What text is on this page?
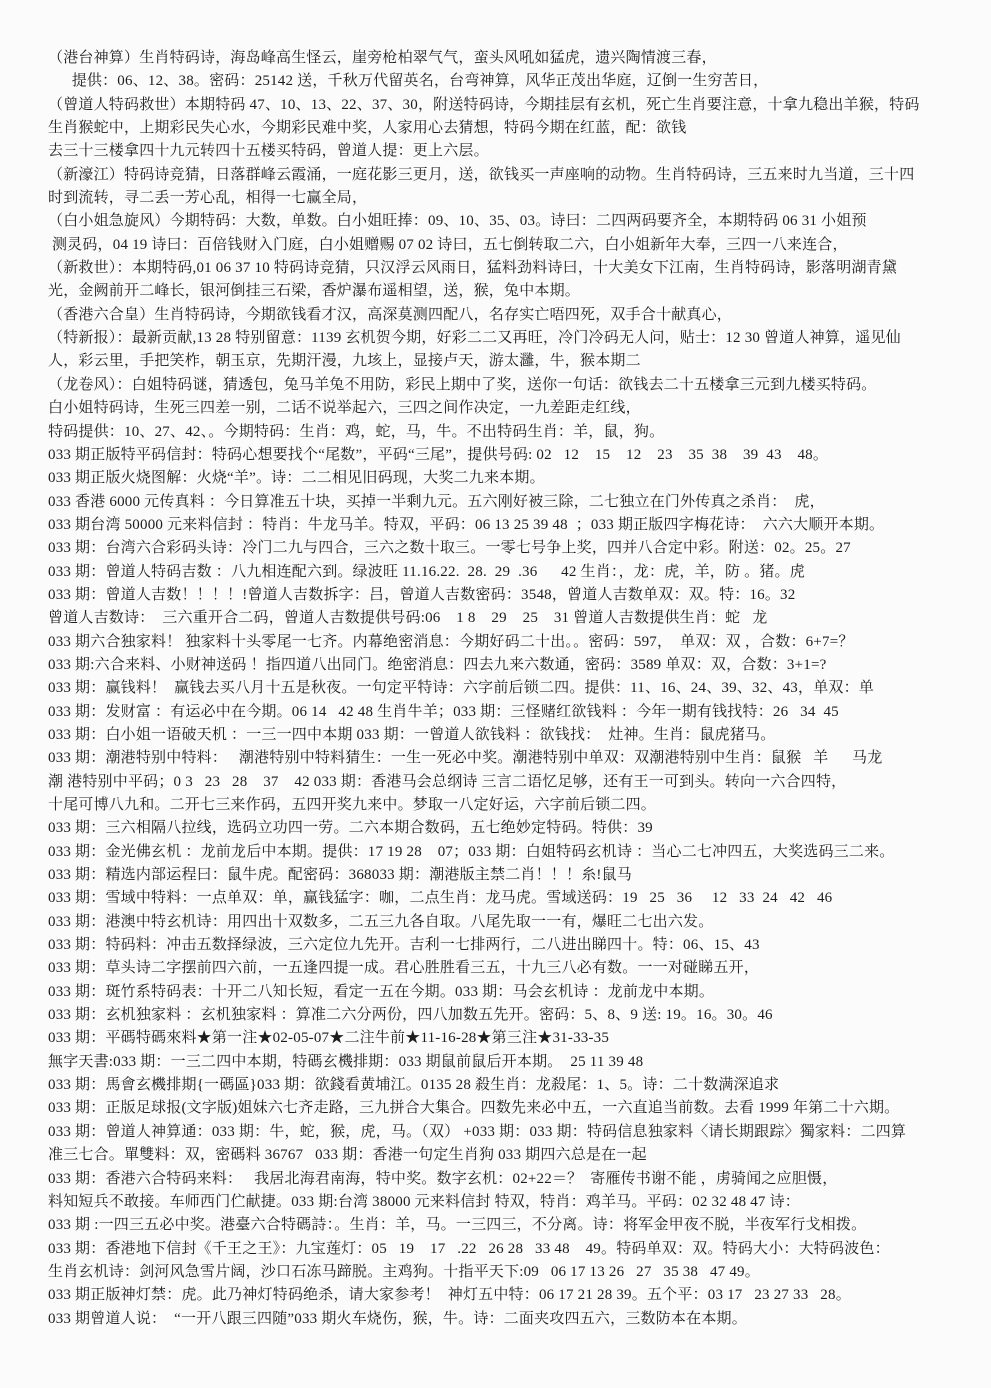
（港台神算）生肖特码诗，海岛峰高生怪云，崖旁枪柏翠气气，蛮头风吼如猛虎，遗兴陶情渡三春，
提供：06、12、38。密码：25142 送，千秋万代留英名，台弯神算，风华正茂出华庭，辽倒一生穷苦日，
（曾道人特码救世）本期特码 47、10、13、22、37、30，附送特码诗，今期挂层有玄机，死亡生肖要注意，十拿九稳出羊猴，特码
生肖猴蛇中，上期彩民失心水，今期彩民难中奖，人家用心去猜想，特码今期在红蓝，配：欲钱
去三十三楼拿四十九元转四十五楼买特码，曾道人提：更上六层。
（新濠江）特码诗竞猜，日落群峰云霞涌，一庭花影三更月，送，欲钱买一声座响的动物。生肖特码诗，三五来时九当道，三十四
时到流转，寻二丢一芳心乱，相得一七赢全局，
（白小姐急旋风）今期特码：大数，单数。白小姐旺捧：09、10、35、03。诗曰：二四两码要齐全，本期特码 06 31 小姐预
测灵码，04 19 诗曰：百倍钱财入门庭，白小姐赠赐 07 02 诗曰，五七倒转取二六，白小姐新年大奉，三四一八来连合，
（新救世）：本期特码,01 06 37 10 特码诗竞猜，只汉浮云风雨日，猛料劲料诗曰，十大美女下江南，生肖特码诗，影落明湖青黛
光，金阙前开二峰长，银河倒挂三石梁，香炉瀑布遥相望，送，猴，兔中本期。
（香港六合皇）生肖特码诗，今期欲钱看才汉，高深莫测四配八，名存实亡唔四死，双手合十献真心，
（特新报）：最新贡献,13 28 特别留意：1139 玄机贺今期，好彩二二又再旺，冷门冷码无人问，贴士：12 30 曾道人神算，遥见仙
人，彩云里，手把笑柞，朝玉京，先期汗漫，九垓上，显接卢天，游太灉，牛，猴本期二
（龙卷风）：白姐特码谜，猜透包，兔马羊兔不用防，彩民上期中了奖，送你一句话：欲钱去二十五楼拿三元到九楼买特码。
白小姐特码诗，生死三四差一别，二话不说举起六，三四之间作决定，一九差距走红线，
特码提供：10、27、42、。今期特码：生肖：鸡，蛇，马，牛。不出特码生肖：羊，鼠，狗。
033 期正版特平码信封：特码心想要找个“尾数”，平码“三尾”，提供号码: 02   12    15    12    23    35  38    39  43    48。
033 期正版火烧图解：火烧“羊”。诗：二二相见旧码现，大奖二九来本期。
033 香港 6000 元传真料 ：今日算准五十块，买掉一半剩九元。五六刚好被三除，二七独立在门外传真之杀肖：  虎，
033 期台湾 50000 元来料信封 ：特肖：牛龙马羊。特双，平码：06 13 25 39 48  ；033 期正版四字梅花诗：  六六大顺开本期。
033 期：台湾六合彩码头诗：冷门二九与四合，三六之数十取三。一零七号争上奖，四并八合定中彩。附送：02。25。27
033 期：曾道人特码吉数 ：八九相连配六到。绿波旺 11.16.22.  28.  29  .36      42 生肖：，龙：虎，羊，防 。猪。虎
033 期：曾道人吉数！！！！!曾道人吉数拆字：吕，曾道人吉数密码：3548，曾道人吉数单双：双。特：16。32
曾道人吉数诗：  三六重开合二码，曾道人吉数提供号码:06    1 8    29    25    31 曾道人吉数提供生肖：蛇   龙
033 期六合独家料！ 独家料十头零尾一七齐。内幕绝密消息：今期好码二十出。。密码：597，  单双：双 ，合数：6+7=？
033 期:六合来料、小财神送码 ！指四道八出同门。绝密消息：四去九来六数通，密码：3589 单双：双，合数：3+1=?
033 期：赢钱料！  赢钱去买八月十五是秋夜。一句定平特诗：六字前后锁二四。提供：11、16、24、39、32、43，单双：单
033 期：发财富 ：有运必中在今期。06 14   42 48 生肖牛羊；033 期：三怪赌红欲钱料 ：今年一期有钱找特：26   34  45
033 期：白小姐一语破天机 ：一三一四中本期 033 期：一曾道人欲钱料 ：欲钱找：  灶神。生肖：鼠虎猪马。
033 期：潮港特别中特料：   潮港特别中特料猜生：一生一死必中奖。潮港特别中单双：双潮港特别中生肖：鼠猴   羊      马龙
潮 港特别中平码；0 3   23   28    37    42 033 期：香港马会总纲诗 三言二语忆足够，还有王一可到头。转向一六合四特，
十尾可博八九和。二开七三来作码，五四开奖九来中。梦取一八定好运，六字前后锁二四。
033 期：三六相隔八拉线，选码立功四一劳。二六本期合数码，五七绝妙定特码。特供：39
033 期：金光佛玄机 ：龙前龙后中本期。提供：17 19 28    07；033 期：白姐特码玄机诗 ：当心二七冲四五，大奖选码三二来。
033 期：精选内部运程曰：鼠牛虎。配密码：368033 期：潮港版主禁二肖！！！糸!鼠马
033 期：雪域中特料：一点单双：单，赢钱猛字：咖，二点生肖：龙马虎。雪域送码：19   25   36     12   33  24   42   46
033 期：港澳中特玄机诗：用四出十双数多，二五三九各自取。八尾先取一一有，爆旺二七出六发。
033 期：特码料：冲击五数择绿波，三六定位九先开。吉利一七排两行，二八进出睇四十。特：06、15、43
033 期：草头诗二字摆前四六前，一五逢四提一成。君心胜胜看三五，十九三八必有数。一一对碰睇五开，
033 期：斑竹系特码表：十开二八知长短，看定一五在今期。033 期：马会玄机诗 ：龙前龙中本期。
033 期：玄机独家料 ：玄机独家料 ：算准二六分两份，四八加数五先开。密码：5、8、9 送: 19。16。30。46
033 期：平碼特碼來料★第一注★02-05-07★二注牛前★11-16-28★第三注★31-33-35
無字天書:033 期：一三二四中本期，特碼玄機排期：033 期鼠前鼠后开本期。  25 11 39 48
033 期：馬會玄機排期{一碼區}033 期：欲錢看黄埔江。0135 28 殺生肖：龙殺尾：1、5。诗：二十数满深追求
033 期：正版足球报(文字版)姐妹六七齐走路，三九拼合大集合。四数先来必中五，一六直追当前数。去看 1999 年第二十六期。
033 期：曾道人神算通：033 期：牛，蛇，猴，虎，马。（双） +033 期：033 期：特码信息独家料〈请长期跟踪〉獨家料：二四算
准三七合。單雙料：双，密碼料 36767   033 期：香港一句定生肖狗 033 期四六总是在一起
033 期：香港六合特码来料：   我居北海君南海，特中奖。数字玄机：02+22＝？  寄雁传书谢不能 ，虏骑闻之应胆慑，
料知短兵不敢接。车师西门伫献捷。033 期:台湾 38000 元来料信封 特双，特肖：鸡羊马。平码：02 32 48 47 诗：
033 期 :一四三五必中奖。港臺六合特碼詩：。生肖：羊，马。一三四三，不分离。诗：将军金甲夜不脱，半夜军行戈相拨。
033 期：香港地下信封《千王之王》：九宝莲灯：05   19    17   .22   26 28   33 48    49。特码单双：双。特码大小：大特码波色：
生肖玄机诗：剑河风急雪片阔，沙口石冻马蹄脱。主鸡狗。十指平天下:09   06 17 13 26   27   35 38   47 49。
033 期正版神灯禁：虎。此乃神灯特码绝杀，请大家参考！  神灯五中特：06 17 21 28 39。五个平：03 17   23 27 33   28。
033 期曾道人说：  “一开八跟三四随”033 期火车烧伤，猴，牛。诗：二面夹攻四五六，三数防本在本期。
